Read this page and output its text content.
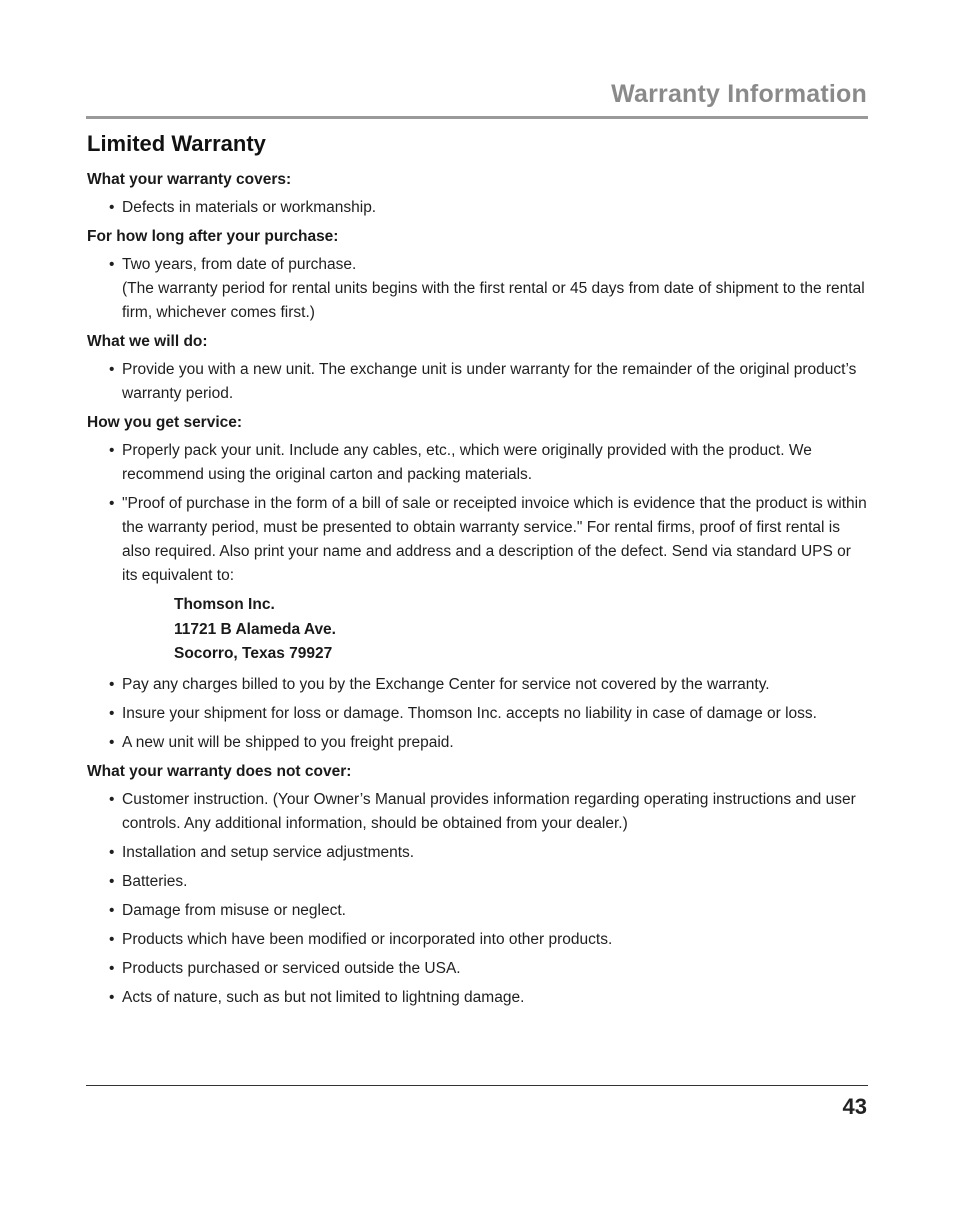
Warranty Information
Limited Warranty
What your warranty covers:
• Defects in materials or workmanship.
For how long after your purchase:
• Two years, from date of purchase.
(The warranty period for rental units begins with the first rental or 45 days from date of shipment to the rental firm, whichever comes first.)
What we will do:
• Provide you with a new unit. The exchange unit is under warranty for the remainder of the original product’s warranty period.
How you get service:
• Properly pack your unit. Include any cables, etc., which were originally provided with the product. We recommend using the original carton and packing materials.
• "Proof of purchase in the form of a bill of sale or receipted invoice which is evidence that the product is within the warranty period, must be presented to obtain warranty service." For rental firms, proof of first rental is also required. Also print your name and address and a description of the defect. Send via standard UPS or its equivalent to:
Thomson Inc.
11721 B Alameda Ave.
Socorro, Texas 79927
• Pay any charges billed to you by the Exchange Center for service not covered by the warranty.
• Insure your shipment for loss or damage. Thomson Inc. accepts no liability in case of damage or loss.
• A new unit will be shipped to you freight prepaid.
What your warranty does not cover:
• Customer instruction. (Your Owner’s Manual provides information regarding operating instructions and user controls. Any additional information, should be obtained from your dealer.)
• Installation and setup service adjustments.
• Batteries.
• Damage from misuse or neglect.
• Products which have been modified or incorporated into other products.
• Products purchased or serviced outside the USA.
• Acts of nature, such as but not limited to lightning damage.
43
